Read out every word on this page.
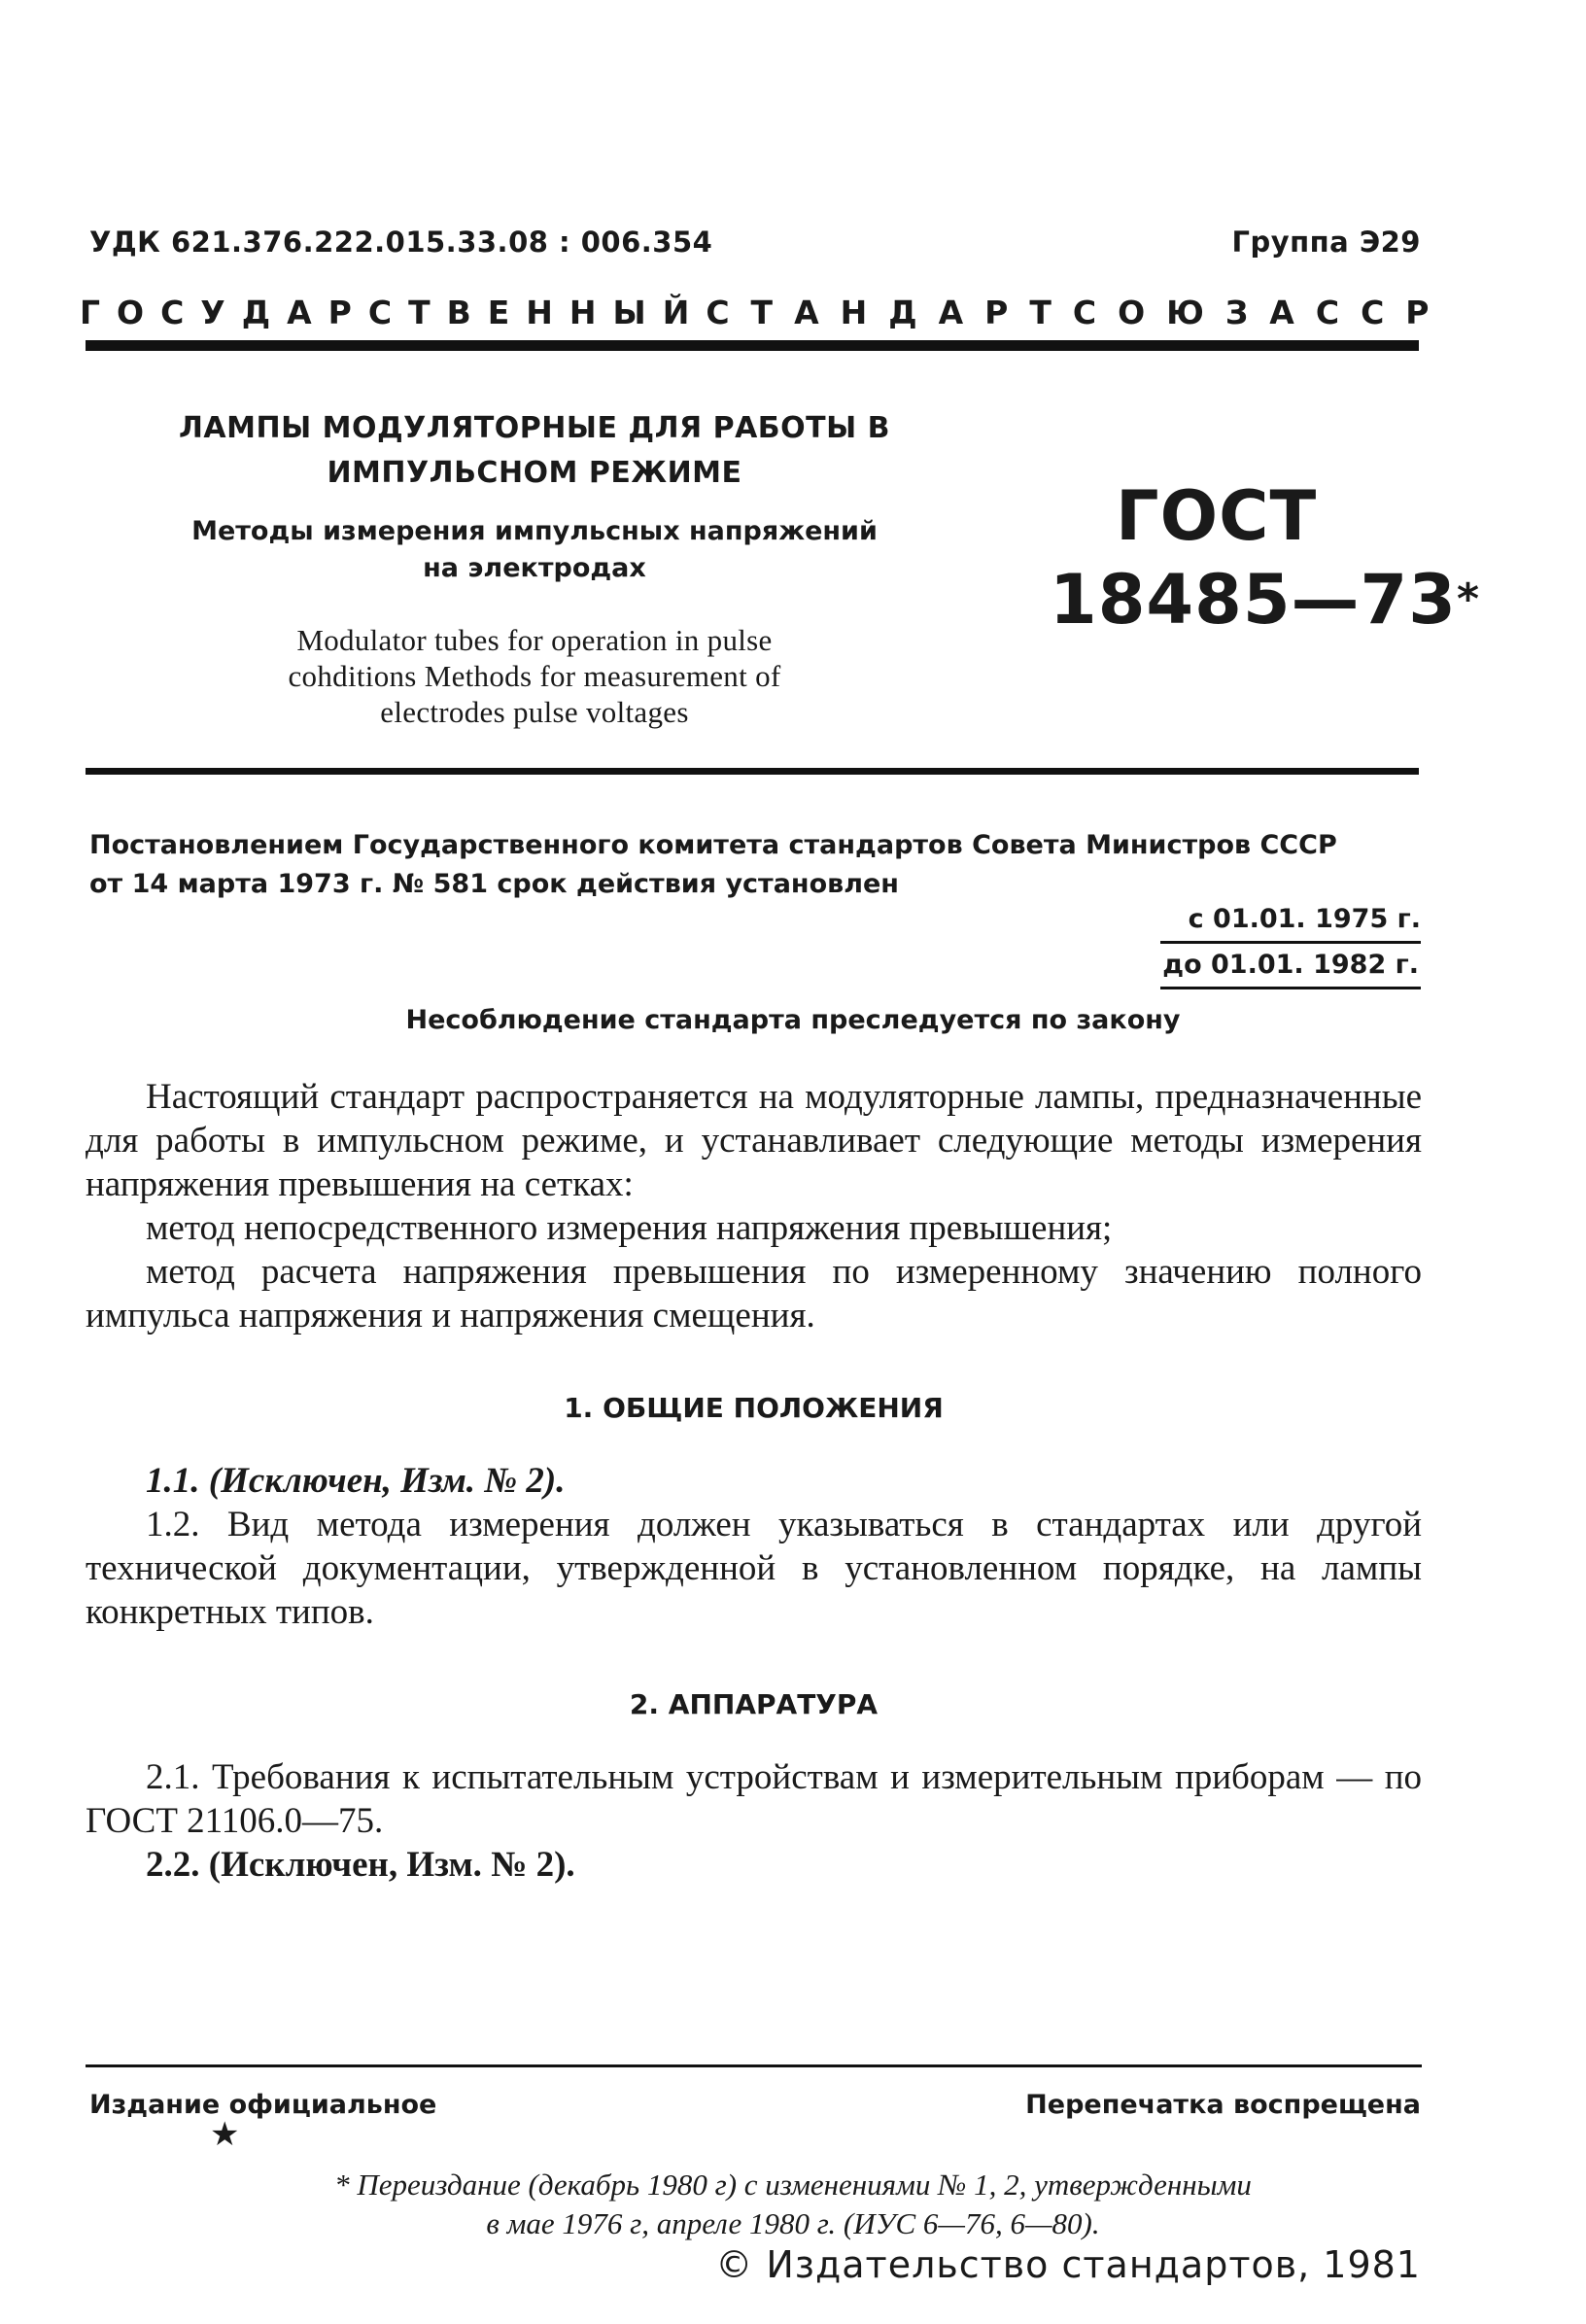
УДК 621.376.222.015.33.08 : 006.354	Группа Э29
ГОСУДАРСТВЕННЫЙ СТАНДАРТ СОЮЗА ССР
ЛАМПЫ МОДУЛЯТОРНЫЕ ДЛЯ РАБОТЫ В
ИМПУЛЬСНОМ РЕЖИМЕ
Методы измерения импульсных напряжений
на электродах
Modulator tubes for operation in pulse
cohditions Methods for measurement of
electrodes pulse voltages
ГОСТ
18485—73*
Постановлением Государственного комитета стандартов Совета Министров СССР
от 14 марта 1973 г. № 581 срок действия установлен
с 01.01. 1975 г.
до 01.01. 1982 г.
Несоблюдение стандарта преследуется по закону

Настоящий стандарт распространяется на модуляторные лампы, предназначенные для работы в импульсном режиме, и устанавливает следующие методы измерения напряжения превышения на сетках:

метод непосредственного измерения напряжения превышения;

метод расчета напряжения превышения по измеренному значению полного импульса напряжения и напряжения смещения.

1. ОБЩИЕ ПОЛОЖЕНИЯ

1.1. (Исключен, Изм. № 2).

1.2. Вид метода измерения должен указываться в стандартах или другой технической документации, утвержденной в установленном порядке, на лампы конкретных типов.

2. АППАРАТУРА

2.1. Требования к испытательным устройствам и измерительным приборам — по ГОСТ 21106.0—75.

2.2. (Исключен, Изм. № 2).

Издание официальное	Перепечатка воспрещена
★
* Переиздание (декабрь 1980 г) с изменениями № 1, 2, утвержденными
в мае 1976 г, апреле 1980 г. (ИУС 6—76, 6—80).
© Издательство стандартов, 1981
